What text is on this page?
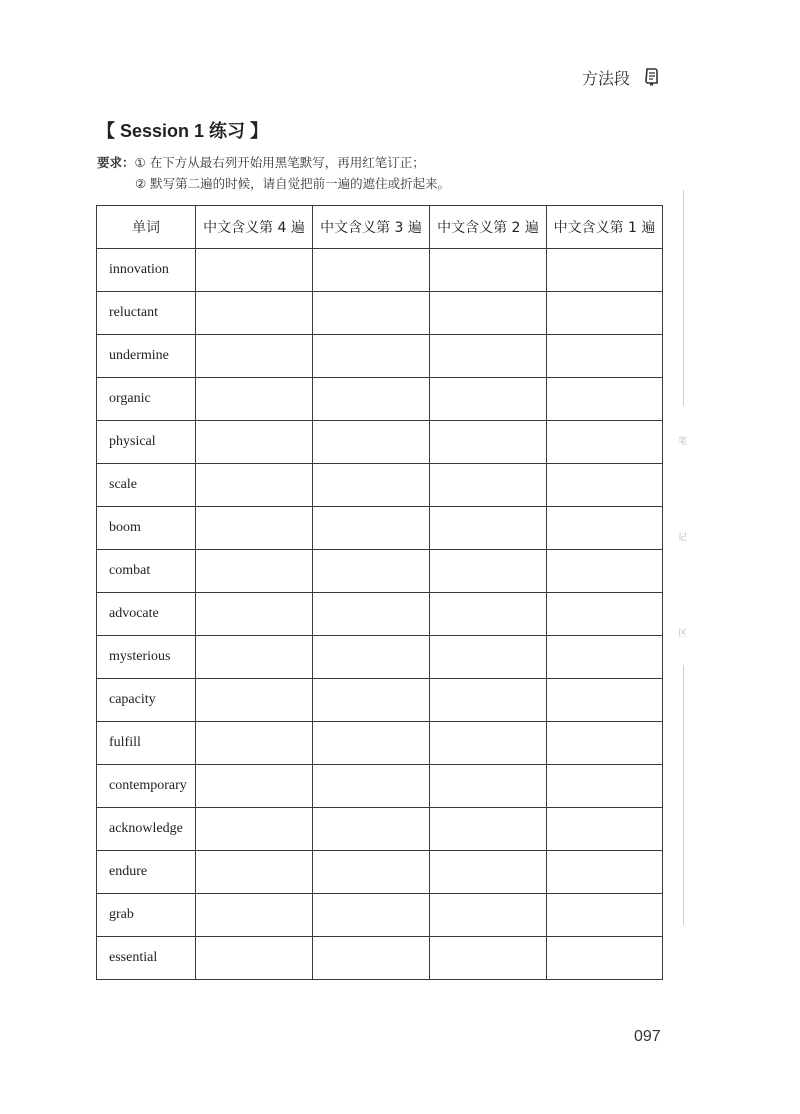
方法段
【 Session 1 练习 】
要求：① 在下方从最右列开始用黑笔默写，再用红笔订正；
② 默写第二遍的时候，请自觉把前一遍的遮住或折起来。
单词	中文含义第 4 遍	中文含义第 3 遍	中文含义第 2 遍	中文含义第 1 遍
innovation				
reluctant				
undermine				
organic				
physical				
scale				
boom				
combat				
advocate				
mysterious				
capacity				
fulfill				
contemporary				
acknowledge				
endure				
grab				
essential				
笔
记
区
097
